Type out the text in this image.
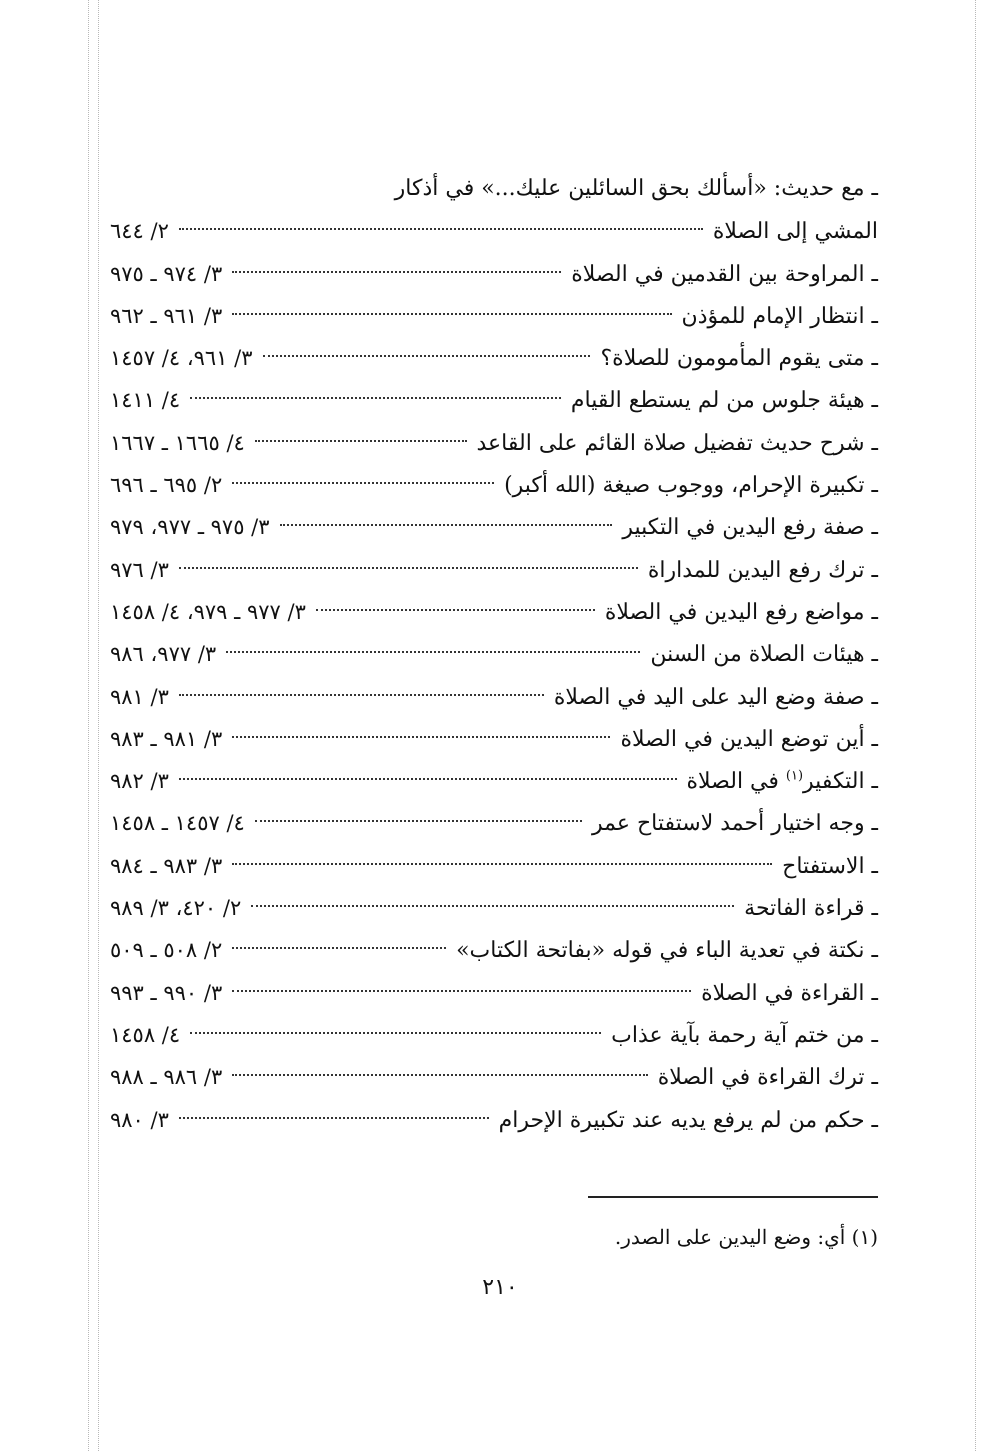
ـ مع حديث: «أسألك بحق السائلين عليك...» في أذكار
المشي إلى الصلاة
٢/ ٦٤٤
ـ المراوحة بين القدمين في الصلاة
٣/ ٩٧٤ ـ ٩٧٥
ـ انتظار الإمام للمؤذن
٣/ ٩٦١ ـ ٩٦٢
ـ متى يقوم المأمومون للصلاة؟
٣/ ٩٦١، ٤/ ١٤٥٧
ـ هيئة جلوس من لم يستطع القيام
٤/ ١٤١١
ـ شرح حديث تفضيل صلاة القائم على القاعد
٤/ ١٦٦٥ ـ ١٦٦٧
ـ تكبيرة الإحرام، ووجوب صيغة (الله أكبر)
٢/ ٦٩٥ ـ ٦٩٦
ـ صفة رفع اليدين في التكبير
٣/ ٩٧٥ ـ ٩٧٧، ٩٧٩
ـ ترك رفع اليدين للمداراة
٣/ ٩٧٦
ـ مواضع رفع اليدين في الصلاة
٣/ ٩٧٧ ـ ٩٧٩، ٤/ ١٤٥٨
ـ هيئات الصلاة من السنن
٣/ ٩٧٧، ٩٨٦
ـ صفة وضع اليد على اليد في الصلاة
٣/ ٩٨١
ـ أين توضع اليدين في الصلاة
٣/ ٩٨١ ـ ٩٨٣
ـ التكفير$^{(١)}$ في الصلاة
٣/ ٩٨٢
ـ وجه اختيار أحمد لاستفتاح عمر
٤/ ١٤٥٧ ـ ١٤٥٨
ـ الاستفتاح
٣/ ٩٨٣ ـ ٩٨٤
ـ قراءة الفاتحة
٢/ ٤٢٠، ٣/ ٩٨٩
ـ نكتة في تعدية الباء في قوله «بفاتحة الكتاب»
٢/ ٥٠٨ ـ ٥٠٩
ـ القراءة في الصلاة
٣/ ٩٩٠ ـ ٩٩٣
ـ من ختم آية رحمة بآية عذاب
٤/ ١٤٥٨
ـ ترك القراءة في الصلاة
٣/ ٩٨٦ ـ ٩٨٨
ـ حكم من لم يرفع يديه عند تكبيرة الإحرام
٣/ ٩٨٠
(١) أي: وضع اليدين على الصدر.
٢١٠
